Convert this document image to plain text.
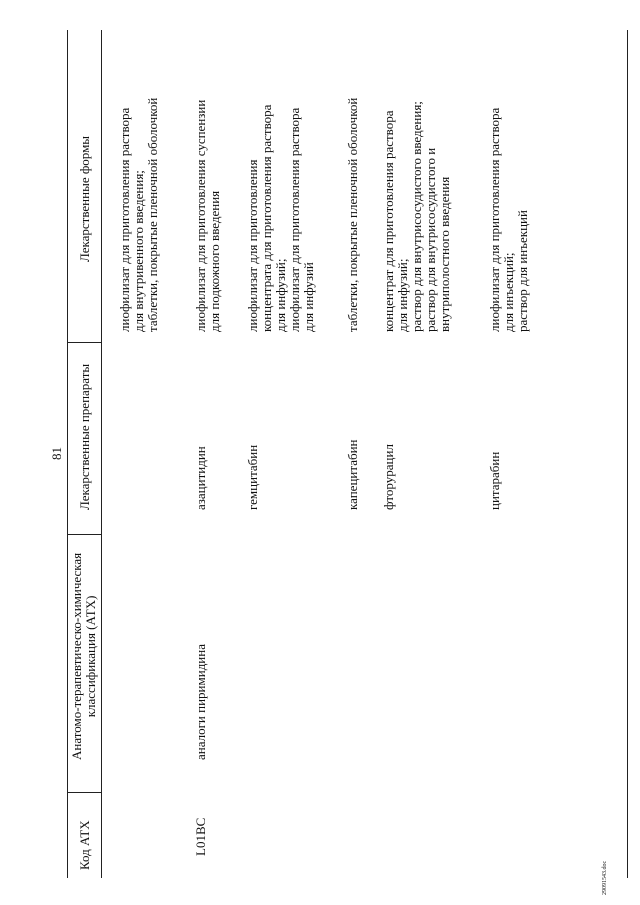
81
Код АТХ
Анатомо-терапевтическо-химическая
классификация (АТХ)
Лекарственные препараты
Лекарственные формы
лиофилизат для приготовления раствора
для внутривенного введения;
таблетки, покрытые пленочной оболочкой
L01BC
аналоги пиримидина
азацитидин
лиофилизат для приготовления суспензии
для подкожного введения
гемцитабин
лиофилизат для приготовления
концентрата для приготовления раствора
для инфузий;
лиофилизат для приготовления раствора
для инфузий
капецитабин
таблетки, покрытые пленочной оболочкой
фторурацил
концентрат для приготовления раствора
для инфузий;
раствор для внутрисосудистого введения;
раствор для внутрисосудистого и
внутриполостного введения
цитарабин
лиофилизат для приготовления раствора
для инъекций;
раствор для инъекций
29091543.doc
